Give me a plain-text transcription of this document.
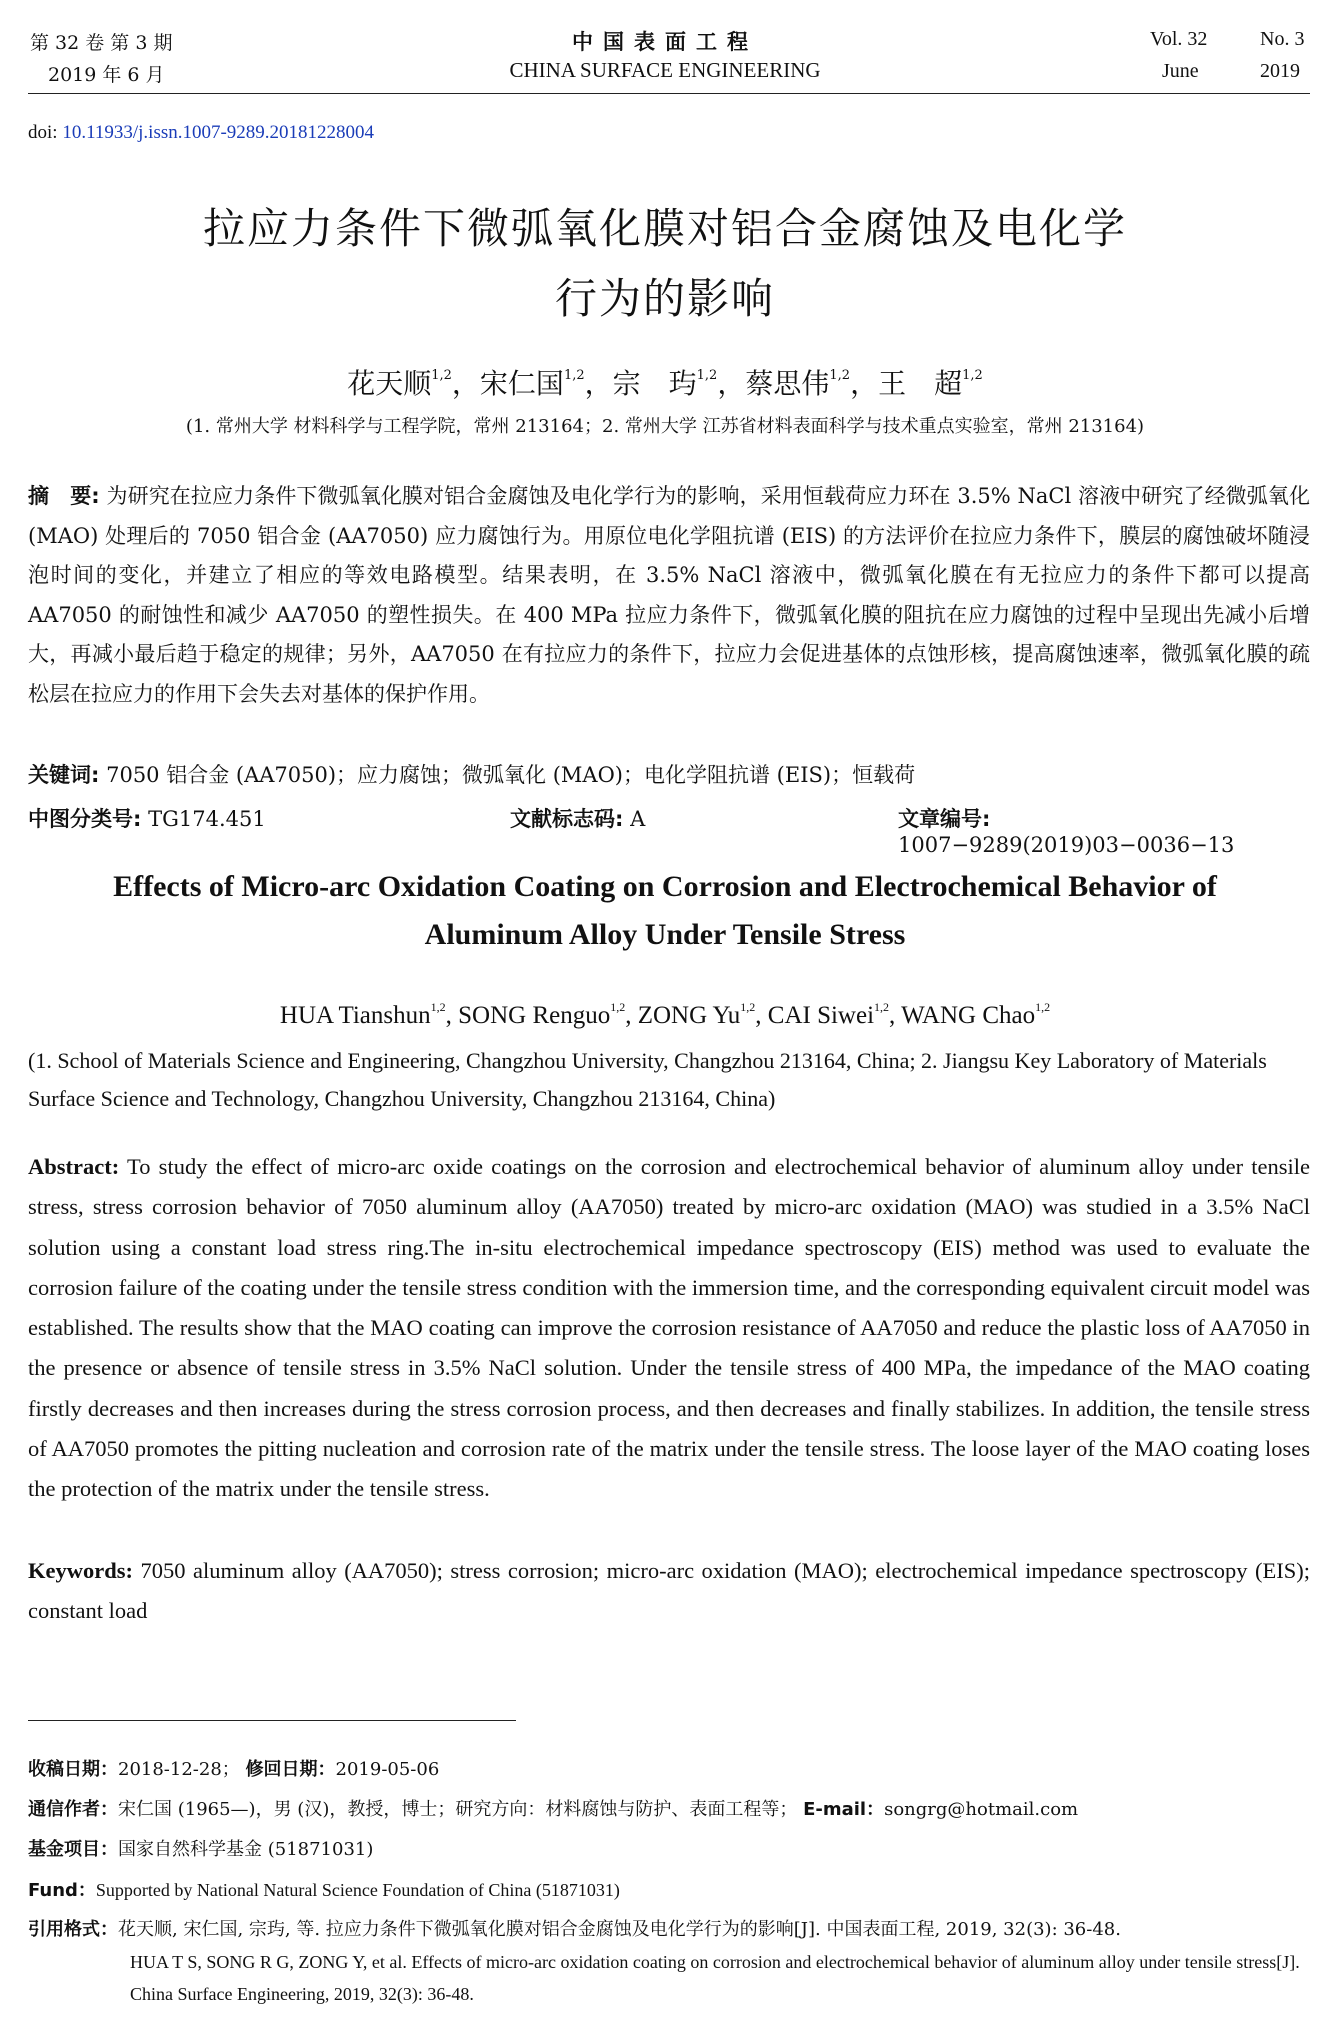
第 32 卷 第 3 期
2019 年 6 月
中国表面工程
CHINA SURFACE ENGINEERING
Vol. 32	No. 3
June	2019
doi: 10.11933/j.issn.1007-9289.20181228004
拉应力条件下微弧氧化膜对铝合金腐蚀及电化学
行为的影响
花天顺$^{1,2}$，宋仁国$^{1,2}$，宗　玙$^{1,2}$，蔡思伟$^{1,2}$，王　超$^{1,2}$
(1. 常州大学 材料科学与工程学院，常州 213164；2. 常州大学 江苏省材料表面科学与技术重点实验室，常州 213164)
摘　要: 为研究在拉应力条件下微弧氧化膜对铝合金腐蚀及电化学行为的影响，采用恒载荷应力环在 3.5% NaCl 溶液中研究了经微弧氧化 (MAO) 处理后的 7050 铝合金 (AA7050) 应力腐蚀行为。用原位电化学阻抗谱 (EIS) 的方法评价在拉应力条件下，膜层的腐蚀破坏随浸泡时间的变化，并建立了相应的等效电路模型。结果表明，在 3.5% NaCl 溶液中，微弧氧化膜在有无拉应力的条件下都可以提高 AA7050 的耐蚀性和减少 AA7050 的塑性损失。在 400 MPa 拉应力条件下，微弧氧化膜的阻抗在应力腐蚀的过程中呈现出先减小后增大，再减小最后趋于稳定的规律；另外，AA7050 在有拉应力的条件下，拉应力会促进基体的点蚀形核，提高腐蚀速率，微弧氧化膜的疏松层在拉应力的作用下会失去对基体的保护作用。
关键词: 7050 铝合金 (AA7050)；应力腐蚀；微弧氧化 (MAO)；电化学阻抗谱 (EIS)；恒载荷
中图分类号: TG174.451	文献标志码: A	文章编号: 1007−9289(2019)03−0036−13
Effects of Micro-arc Oxidation Coating on Corrosion and Electrochemical Behavior of
Aluminum Alloy Under Tensile Stress
HUA Tianshun$^{1,2}$, SONG Renguo$^{1,2}$, ZONG Yu$^{1,2}$, CAI Siwei$^{1,2}$, WANG Chao$^{1,2}$
(1. School of Materials Science and Engineering, Changzhou University, Changzhou 213164, China; 2. Jiangsu Key Laboratory of Materials Surface Science and Technology, Changzhou University, Changzhou 213164, China)
Abstract: To study the effect of micro-arc oxide coatings on the corrosion and electrochemical behavior of aluminum alloy under tensile stress, stress corrosion behavior of 7050 aluminum alloy (AA7050) treated by micro-arc oxidation (MAO) was studied in a 3.5% NaCl solution using a constant load stress ring.The in-situ electrochemical impedance spectroscopy (EIS) method was used to evaluate the corrosion failure of the coating under the tensile stress condition with the immersion time, and the corresponding equivalent circuit model was established. The results show that the MAO coating can improve the corrosion resistance of AA7050 and reduce the plastic loss of AA7050 in the presence or absence of tensile stress in 3.5% NaCl solution. Under the tensile stress of 400 MPa, the impedance of the MAO coating firstly decreases and then increases during the stress corrosion process, and then decreases and finally stabilizes. In addition, the tensile stress of AA7050 promotes the pitting nucleation and corrosion rate of the matrix under the tensile stress. The loose layer of the MAO coating loses the protection of the matrix under the tensile stress.
Keywords: 7050 aluminum alloy (AA7050); stress corrosion; micro-arc oxidation (MAO); electrochemical impedance spectroscopy (EIS); constant load
收稿日期：2018-12-28； 修回日期：2019-05-06
通信作者：宋仁国 (1965—)，男 (汉)，教授，博士；研究方向：材料腐蚀与防护、表面工程等； E-mail：songrg@hotmail.com
基金项目：国家自然科学基金 (51871031)
Fund：Supported by National Natural Science Foundation of China (51871031)
引用格式：花天顺, 宋仁国, 宗玙, 等. 拉应力条件下微弧氧化膜对铝合金腐蚀及电化学行为的影响[J]. 中国表面工程, 2019, 32(3): 36-48.
HUA T S, SONG R G, ZONG Y, et al. Effects of micro-arc oxidation coating on corrosion and electrochemical behavior of aluminum alloy under tensile stress[J]. China Surface Engineering, 2019, 32(3): 36-48.
